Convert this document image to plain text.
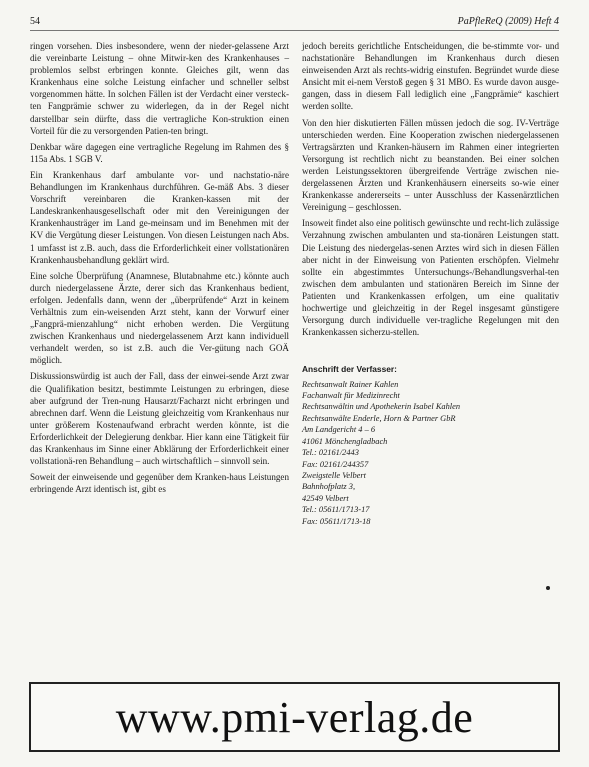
54	PaPfleReQ (2009) Heft 4

ringen vorsehen. Dies insbesondere, wenn der nieder-gelassene Arzt die vereinbarte Leistung – ohne Mitwir-ken des Krankenhauses – problemlos selbst erbringen konnte. Gleiches gilt, wenn das Krankenhaus eine solche Leistung einfacher und schneller selbst vorgenommen hätte. In solchen Fällen ist der Verdacht einer versteck-ten Fangprämie schwer zu widerlegen, da in der Regel nicht darstellbar sein dürfte, dass die vertragliche Kon-struktion einen Vorteil für die zu versorgenden Patien-ten bringt.

Denkbar wäre dagegen eine vertragliche Regelung im Rahmen des § 115a Abs. 1 SGB V.

Ein Krankenhaus darf ambulante vor- und nachstatio-näre Behandlungen im Krankenhaus durchführen. Ge-mäß Abs. 3 dieser Vorschrift vereinbaren die Kranken-kassen mit der Landeskrankenhausgesellschaft oder mit den Vereinigungen der Krankenhausträger im Land ge-meinsam und im Benehmen mit der KV die Vergütung dieser Leistungen. Von diesen Leistungen nach Abs. 1 umfasst ist z.B. auch, dass die Erforderlichkeit einer vollstationären Krankenhausbehandlung geklärt wird.

Eine solche Überprüfung (Anamnese, Blutabnahme etc.) könnte auch durch niedergelassene Ärzte, derer sich das Krankenhaus bedient, erfolgen. Jedenfalls dann, wenn der „überprüfende“ Arzt in keinem Verhältnis zum ein-weisenden Arzt steht, kann der Vorwurf einer „Fangprä-mienzahlung“ nicht erhoben werden. Die Vergütung zwischen Krankenhaus und niedergelassenem Arzt kann individuell verhandelt werden, so ist z.B. auch die Ver-gütung nach GOÄ möglich.

Diskussionswürdig ist auch der Fall, dass der einwei-sende Arzt zwar die Qualifikation besitzt, bestimmte Leistungen zu erbringen, diese aber aufgrund der Tren-nung Hausarzt/Facharzt nicht erbringen und abrechnen darf. Wenn die Leistung gleichzeitig vom Krankenhaus nur unter größerem Kostenaufwand erbracht werden könnte, ist die Erforderlichkeit der Delegierung denkbar. Hier kann eine Tätigkeit für das Krankenhaus im Sinne einer Abklärung der Erforderlichkeit einer vollstationä-ren Behandlung – auch wirtschaftlich – sinnvoll sein.

Soweit der einweisende und gegenüber dem Kranken-haus Leistungen erbringende Arzt identisch ist, gibt es

jedoch bereits gerichtliche Entscheidungen, die be-stimmte vor- und nachstationäre Behandlungen im Krankenhaus durch diesen einweisenden Arzt als rechts-widrig einstufen. Begründet wurde diese Ansicht mit ei-nem Verstoß gegen § 31 MBO. Es wurde davon ausge-gangen, dass in diesem Fall lediglich eine „Fangprämie“ kaschiert werden sollte.

Von den hier diskutierten Fällen müssen jedoch die sog. IV-Verträge unterschieden werden. Eine Kooperation zwischen niedergelassenen Vertragsärzten und Kranken-häusern im Rahmen einer integrierten Versorgung ist rechtlich nicht zu beanstanden. Bei einer solchen werden Leistungssektoren übergreifende Verträge zwischen nie-dergelassenen Ärzten und Krankenhäusern einerseits so-wie einer Krankenkasse andererseits – unter Ausschluss der Kassenärztlichen Vereinigung – geschlossen.

Insoweit findet also eine politisch gewünschte und recht-lich zulässige Verzahnung zwischen ambulanten und sta-tionären Leistungen statt. Die Leistung des niedergelas-senen Arztes wird sich in diesen Fällen aber nicht in der Einweisung von Patienten erschöpfen. Vielmehr sollte ein abgestimmtes Untersuchungs-/Behandlungsverhal-ten zwischen dem ambulanten und stationären Bereich im Sinne der Patienten und Krankenkassen erfolgen, um eine qualitativ hochwertige und gleichzeitig in der Regel insgesamt günstigere Versorgung durch individuelle ver-tragliche Regelungen mit den Krankenkassen sicherzu-stellen.

Anschrift der Verfasser:
Rechtsanwalt Rainer Kahlen
Fachanwalt für Medizinrecht
Rechtsanwältin und Apothekerin Isabel Kahlen
Rechtsanwälte Enderle, Horn & Partner GbR
Am Landgericht 4 – 6
41061 Mönchengladbach
Tel.: 02161/2443
Fax: 02161/244357
Zweigstelle Velbert
Bahnhofplatz 3,
42549 Velbert
Tel.: 05611/1713-17
Fax: 05611/1713-18
www.pmi-verlag.de
